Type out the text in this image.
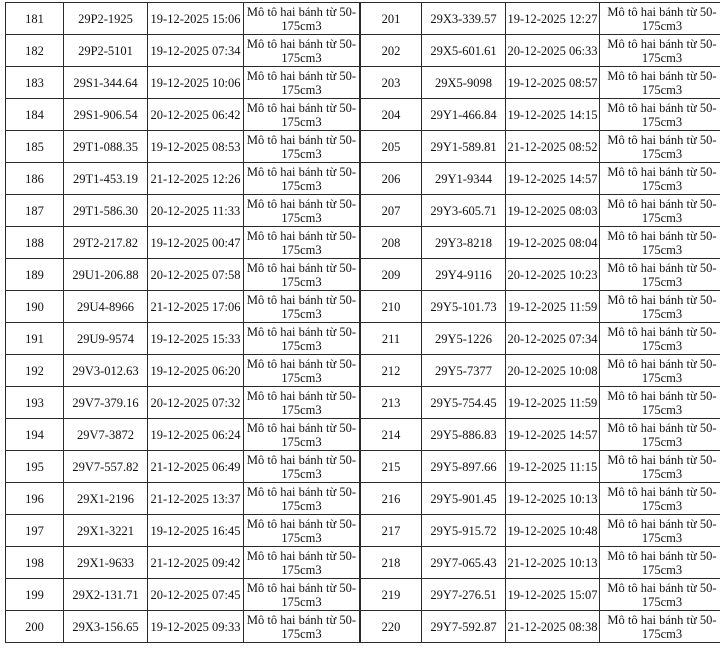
181	29P2-1925	19-12-2025 15:06	Mô tô hai bánh từ 50-175cm3
182	29P2-5101	19-12-2025 07:34	Mô tô hai bánh từ 50-175cm3
183	29S1-344.64	19-12-2025 10:06	Mô tô hai bánh từ 50-175cm3
184	29S1-906.54	20-12-2025 06:42	Mô tô hai bánh từ 50-175cm3
185	29T1-088.35	19-12-2025 08:53	Mô tô hai bánh từ 50-175cm3
186	29T1-453.19	21-12-2025 12:26	Mô tô hai bánh từ 50-175cm3
187	29T1-586.30	20-12-2025 11:33	Mô tô hai bánh từ 50-175cm3
188	29T2-217.82	19-12-2025 00:47	Mô tô hai bánh từ 50-175cm3
189	29U1-206.88	20-12-2025 07:58	Mô tô hai bánh từ 50-175cm3
190	29U4-8966	21-12-2025 17:06	Mô tô hai bánh từ 50-175cm3
191	29U9-9574	19-12-2025 15:33	Mô tô hai bánh từ 50-175cm3
192	29V3-012.63	19-12-2025 06:20	Mô tô hai bánh từ 50-175cm3
193	29V7-379.16	20-12-2025 07:32	Mô tô hai bánh từ 50-175cm3
194	29V7-3872	19-12-2025 06:24	Mô tô hai bánh từ 50-175cm3
195	29V7-557.82	21-12-2025 06:49	Mô tô hai bánh từ 50-175cm3
196	29X1-2196	21-12-2025 13:37	Mô tô hai bánh từ 50-175cm3
197	29X1-3221	19-12-2025 16:45	Mô tô hai bánh từ 50-175cm3
198	29X1-9633	21-12-2025 09:42	Mô tô hai bánh từ 50-175cm3
199	29X2-131.71	20-12-2025 07:45	Mô tô hai bánh từ 50-175cm3
200	29X3-156.65	19-12-2025 09:33	Mô tô hai bánh từ 50-175cm3
201	29X3-339.57	19-12-2025 12:27	Mô tô hai bánh từ 50-175cm3
202	29X5-601.61	20-12-2025 06:33	Mô tô hai bánh từ 50-175cm3
203	29X5-9098	19-12-2025 08:57	Mô tô hai bánh từ 50-175cm3
204	29Y1-466.84	19-12-2025 14:15	Mô tô hai bánh từ 50-175cm3
205	29Y1-589.81	21-12-2025 08:52	Mô tô hai bánh từ 50-175cm3
206	29Y1-9344	19-12-2025 14:57	Mô tô hai bánh từ 50-175cm3
207	29Y3-605.71	19-12-2025 08:03	Mô tô hai bánh từ 50-175cm3
208	29Y3-8218	19-12-2025 08:04	Mô tô hai bánh từ 50-175cm3
209	29Y4-9116	20-12-2025 10:23	Mô tô hai bánh từ 50-175cm3
210	29Y5-101.73	19-12-2025 11:59	Mô tô hai bánh từ 50-175cm3
211	29Y5-1226	20-12-2025 07:34	Mô tô hai bánh từ 50-175cm3
212	29Y5-7377	20-12-2025 10:08	Mô tô hai bánh từ 50-175cm3
213	29Y5-754.45	19-12-2025 11:59	Mô tô hai bánh từ 50-175cm3
214	29Y5-886.83	19-12-2025 14:57	Mô tô hai bánh từ 50-175cm3
215	29Y5-897.66	19-12-2025 11:15	Mô tô hai bánh từ 50-175cm3
216	29Y5-901.45	19-12-2025 10:13	Mô tô hai bánh từ 50-175cm3
217	29Y5-915.72	19-12-2025 10:48	Mô tô hai bánh từ 50-175cm3
218	29Y7-065.43	21-12-2025 10:13	Mô tô hai bánh từ 50-175cm3
219	29Y7-276.51	19-12-2025 15:07	Mô tô hai bánh từ 50-175cm3
220	29Y7-592.87	21-12-2025 08:38	Mô tô hai bánh từ 50-175cm3
